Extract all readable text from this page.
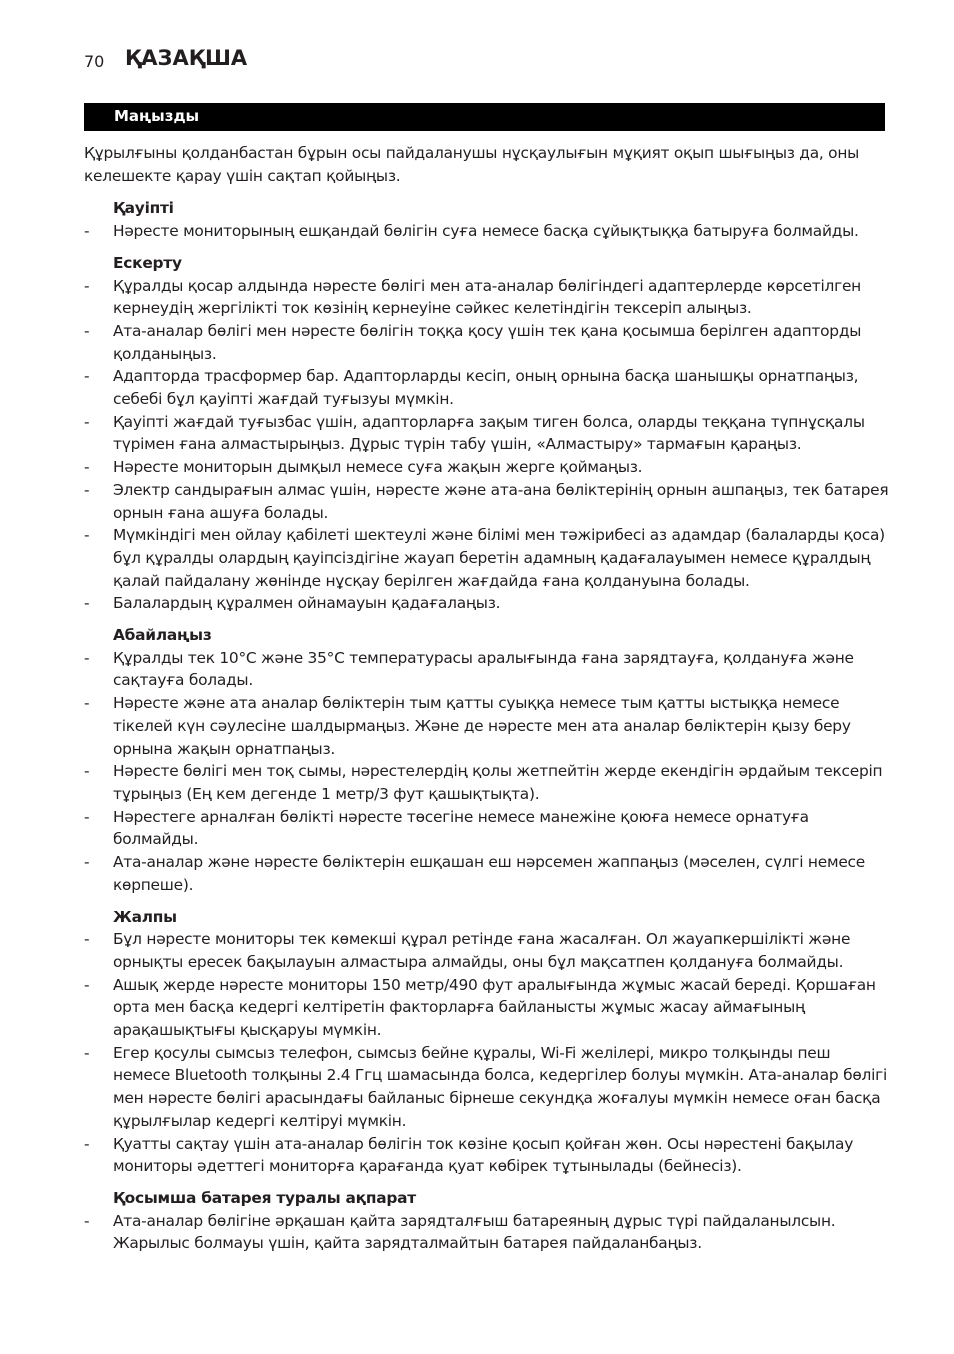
70 ҚАЗАҚША
Маңызды

Құрылғыны қолданбастан бұрын осы пайдаланушы нұсқаулығын мұқият оқып шығыңыз да, оны келешекте қарау үшін сақтап қойыңыз.

Қауіпті
- Нәресте мониторының ешқандай бөлігін суға немесе басқа сұйықтыққа батыруға болмайды.
Ескерту
- Құралды қосар алдында нәресте бөлігі мен ата-аналар бөлігіндегі адаптерлерде көрсетілген кернеудің жергілікті ток көзінің кернеуіне сәйкес келетіндігін тексеріп алыңыз.
- Ата-аналар бөлігі мен нәресте бөлігін тоққа қосу үшін тек қана қосымша берілген адапторды қолданыңыз.
- Адапторда трасформер бар. Адапторларды кесіп, оның орнына басқа шанышқы орнатпаңыз, себебі бұл қауіпті жағдай туғызуы мүмкін.
- Қауіпті жағдай туғызбас үшін, адапторларға зақым тиген болса, оларды теққана түпнұсқалы түрімен ғана алмастырыңыз. Дұрыс түрін табу үшін, «Алмастыру» тармағын қараңыз.
- Нәресте мониторын дымқыл немесе суға жақын жерге қоймаңыз.
- Электр сандырағын алмас үшін, нәресте және ата-ана бөліктерінің орнын ашпаңыз, тек батарея орнын ғана ашуға болады.
- Мүмкіндігі мен ойлау қабілеті шектеулі және білімі мен тәжірибесі аз адамдар (балаларды қоса) бұл құралды олардың қауіпсіздігіне жауап беретін адамның қадағалауымен немесе құралдың қалай пайдалану жөнінде нұсқау берілген жағдайда ғана қолдануына болады.
- Балалардың құралмен ойнамауын қадағалаңыз.
Абайлаңыз
- Құралды тек 10°C және 35°C температурасы аралығында ғана зарядтауға, қолдануға және сақтауға болады.
- Нәресте және ата аналар бөліктерін тым қатты суыққа немесе тым қатты ыстыққа немесе тікелей күн сәулесіне шалдырмаңыз. Және де нәресте мен ата аналар бөліктерін қызу беру орнына жақын орнатпаңыз.
- Нәресте бөлігі мен тоқ сымы, нәрестелердің қолы жетпейтін жерде екендігін әрдайым тексеріп тұрыңыз (Ең кем дегенде 1 метр/3 фут қашықтықта).
- Нәрестеге арналған бөлікті нәресте төсегіне немесе манежіне қоюға немесе орнатуға болмайды.
- Ата-аналар және нәресте бөліктерін ешқашан еш нәрсемен жаппаңыз (мәселен, сүлгі немесе көрпеше).
Жалпы
- Бұл нәресте мониторы тек көмекші құрал ретінде ғана жасалған. Ол жауапкершілікті және орнықты ересек бақылауын алмастыра алмайды, оны бұл мақсатпен қолдануға болмайды.
- Ашық жерде нәресте мониторы 150 метр/490 фут аралығында жұмыс жасай береді. Қоршаған орта мен басқа кедергі келтіретін факторларға байланысты жұмыс жасау аймағының арақашықтығы қысқаруы мүмкін.
- Егер қосулы сымсыз телефон, сымсыз бейне құралы, Wi-Fi желілері, микро толқынды пеш немесе Bluetooth толқыны 2.4 Ггц шамасында болса, кедергілер болуы мүмкін. Ата-аналар бөлігі мен нәресте бөлігі арасындағы байланыс бірнеше секундқа жоғалуы мүмкін немесе оған басқа құрылғылар кедергі келтіруі мүмкін.
- Қуатты сақтау үшін ата-аналар бөлігін ток көзіне қосып қойған жөн. Осы нәрестені бақылау мониторы әдеттегі мониторға қарағанда қуат көбірек тұтынылады (бейнесіз).
Қосымша батарея туралы ақпарат
- Ата-аналар бөлігіне әрқашан қайта зарядталғыш батареяның дұрыс түрі пайдаланылсын. Жарылыс болмауы үшін, қайта зарядталмайтын батарея пайдаланбаңыз.
